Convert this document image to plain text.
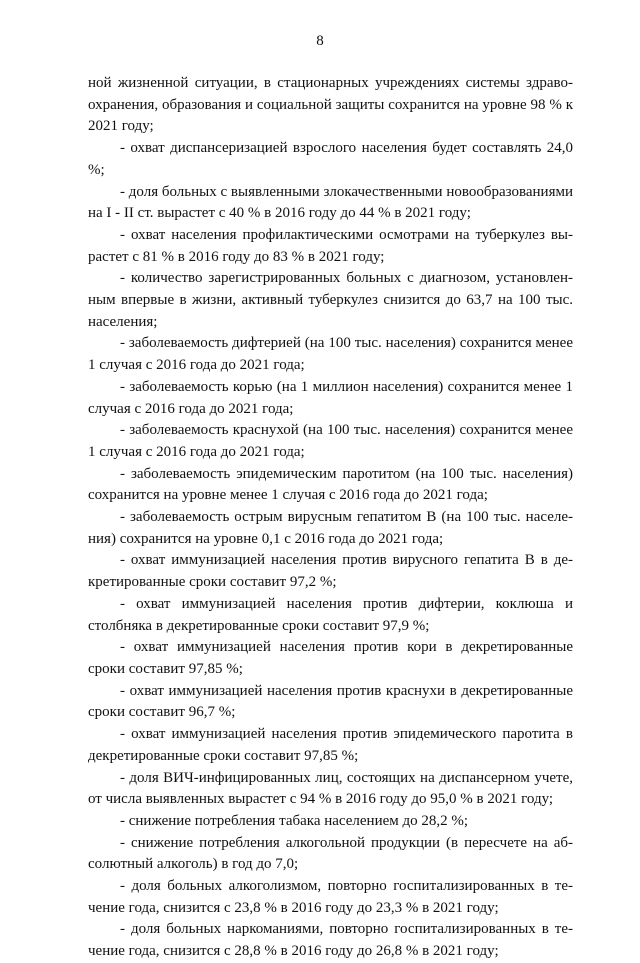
8

ной жизненной ситуации, в стационарных учреждениях системы здравоохранения, образования и социальной защиты сохранится на уровне 98 % к 2021 году;

- охват диспансеризацией взрослого населения будет составлять 24,0 %;

- доля больных с выявленными злокачественными новообразованиями на I - II ст. вырастет с 40 % в 2016 году до 44 % в 2021 году;

- охват населения профилактическими осмотрами на туберкулез вырастет с 81 % в 2016 году до 83 % в 2021 году;

- количество зарегистрированных больных с диагнозом, установленным впервые в жизни, активный туберкулез снизится до 63,7 на 100 тыс. населения;

- заболеваемость дифтерией (на 100 тыс. населения) сохранится менее 1 случая с 2016 года до 2021 года;

- заболеваемость корью (на 1 миллион населения) сохранится менее 1 случая с 2016 года до 2021 года;

- заболеваемость краснухой (на 100 тыс. населения) сохранится менее 1 случая с 2016 года до 2021 года;

- заболеваемость эпидемическим паротитом (на 100 тыс. населения) сохранится на уровне менее 1 случая с 2016 года до 2021 года;

- заболеваемость острым вирусным гепатитом В (на 100 тыс. населения) сохранится на уровне 0,1 с 2016 года до 2021 года;

- охват иммунизацией населения против вирусного гепатита В в декретированные сроки составит 97,2 %;

- охват иммунизацией населения против дифтерии, коклюша и столбняка в декретированные сроки составит 97,9 %;

- охват иммунизацией населения против кори в декретированные сроки составит 97,85 %;

- охват иммунизацией населения против краснухи в декретированные сроки составит 96,7 %;

- охват иммунизацией населения против эпидемического паротита в декретированные сроки составит 97,85 %;

- доля ВИЧ-инфицированных лиц, состоящих на диспансерном учете, от числа выявленных вырастет с 94 % в 2016 году до 95,0 % в 2021 году;

- снижение потребления табака населением до 28,2 %;

- снижение потребления алкогольной продукции (в пересчете на абсолютный алкоголь) в год до 7,0;

- доля больных алкоголизмом, повторно госпитализированных в течение года, снизится с 23,8 % в 2016 году до 23,3 % в 2021 году;

- доля больных наркоманиями, повторно госпитализированных в течение года, снизится с 28,8 % в 2016 году до 26,8 % в 2021 году;
